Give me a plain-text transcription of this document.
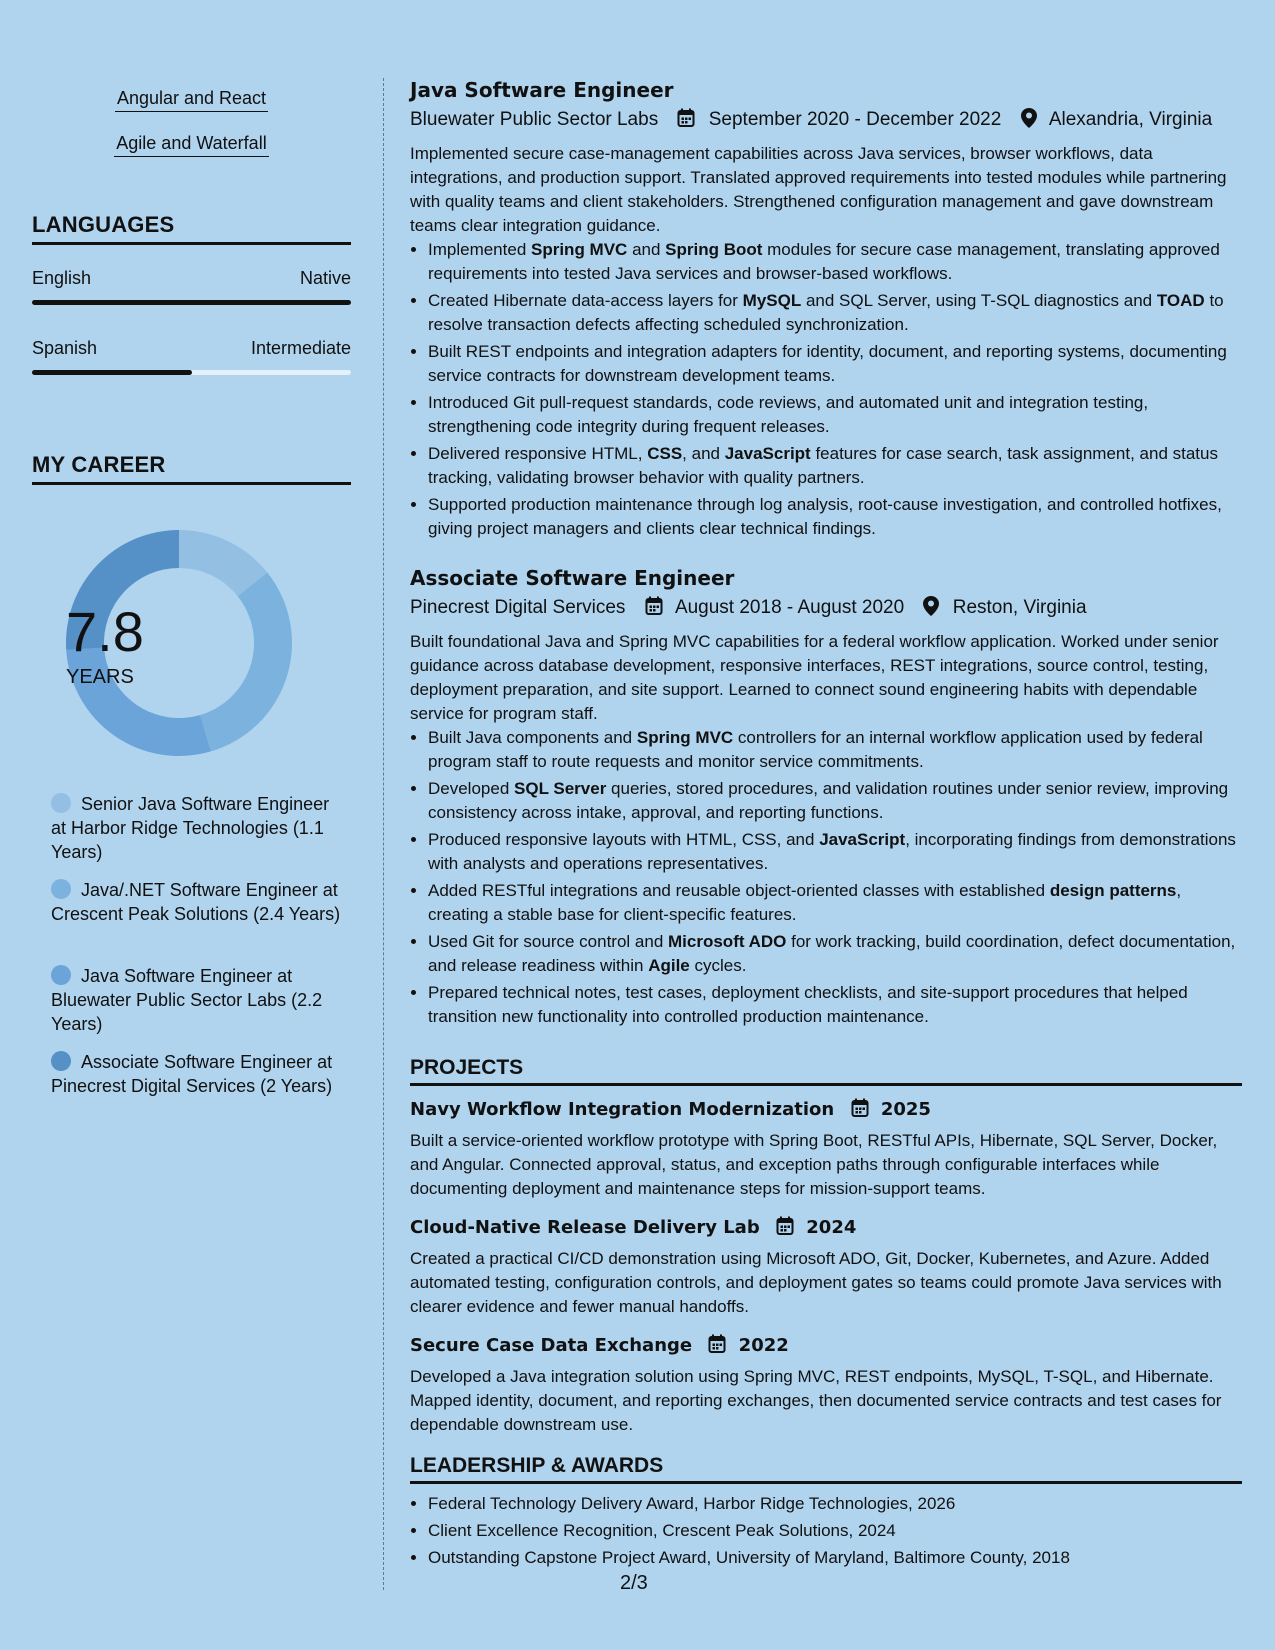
Angular and React
Agile and Waterfall
LANGUAGES
English	Native
Spanish	Intermediate
MY CAREER
7.8
YEARS
Senior Java Software Engineer at Harbor Ridge Technologies (1.1 Years)
Java/.NET Software Engineer at Crescent Peak Solutions (2.4 Years)
Java Software Engineer at Bluewater Public Sector Labs (2.2 Years)
Associate Software Engineer at Pinecrest Digital Services (2 Years)
Java Software Engineer
Bluewater Public Sector Labs	September 2020 - December 2022	Alexandria, Virginia
Implemented secure case-management capabilities across Java services, browser workflows, data integrations, and production support. Translated approved requirements into tested modules while partnering with quality teams and client stakeholders. Strengthened configuration management and gave downstream teams clear integration guidance.
• Implemented Spring MVC and Spring Boot modules for secure case management, translating approved requirements into tested Java services and browser-based workflows.
• Created Hibernate data-access layers for MySQL and SQL Server, using T-SQL diagnostics and TOAD to resolve transaction defects affecting scheduled synchronization.
• Built REST endpoints and integration adapters for identity, document, and reporting systems, documenting service contracts for downstream development teams.
• Introduced Git pull-request standards, code reviews, and automated unit and integration testing, strengthening code integrity during frequent releases.
• Delivered responsive HTML, CSS, and JavaScript features for case search, task assignment, and status tracking, validating browser behavior with quality partners.
• Supported production maintenance through log analysis, root-cause investigation, and controlled hotfixes, giving project managers and clients clear technical findings.
Associate Software Engineer
Pinecrest Digital Services	August 2018 - August 2020	Reston, Virginia
Built foundational Java and Spring MVC capabilities for a federal workflow application. Worked under senior guidance across database development, responsive interfaces, REST integrations, source control, testing, deployment preparation, and site support. Learned to connect sound engineering habits with dependable service for program staff.
• Built Java components and Spring MVC controllers for an internal workflow application used by federal program staff to route requests and monitor service commitments.
• Developed SQL Server queries, stored procedures, and validation routines under senior review, improving consistency across intake, approval, and reporting functions.
• Produced responsive layouts with HTML, CSS, and JavaScript, incorporating findings from demonstrations with analysts and operations representatives.
• Added RESTful integrations and reusable object-oriented classes with established design patterns, creating a stable base for client-specific features.
• Used Git for source control and Microsoft ADO for work tracking, build coordination, defect documentation, and release readiness within Agile cycles.
• Prepared technical notes, test cases, deployment checklists, and site-support procedures that helped transition new functionality into controlled production maintenance.
PROJECTS
Navy Workflow Integration Modernization	2025
Built a service-oriented workflow prototype with Spring Boot, RESTful APIs, Hibernate, SQL Server, Docker, and Angular. Connected approval, status, and exception paths through configurable interfaces while documenting deployment and maintenance steps for mission-support teams.
Cloud-Native Release Delivery Lab	2024
Created a practical CI/CD demonstration using Microsoft ADO, Git, Docker, Kubernetes, and Azure. Added automated testing, configuration controls, and deployment gates so teams could promote Java services with clearer evidence and fewer manual handoffs.
Secure Case Data Exchange	2022
Developed a Java integration solution using Spring MVC, REST endpoints, MySQL, T-SQL, and Hibernate. Mapped identity, document, and reporting exchanges, then documented service contracts and test cases for dependable downstream use.
LEADERSHIP & AWARDS
• Federal Technology Delivery Award, Harbor Ridge Technologies, 2026
• Client Excellence Recognition, Crescent Peak Solutions, 2024
• Outstanding Capstone Project Award, University of Maryland, Baltimore County, 2018
2/3
